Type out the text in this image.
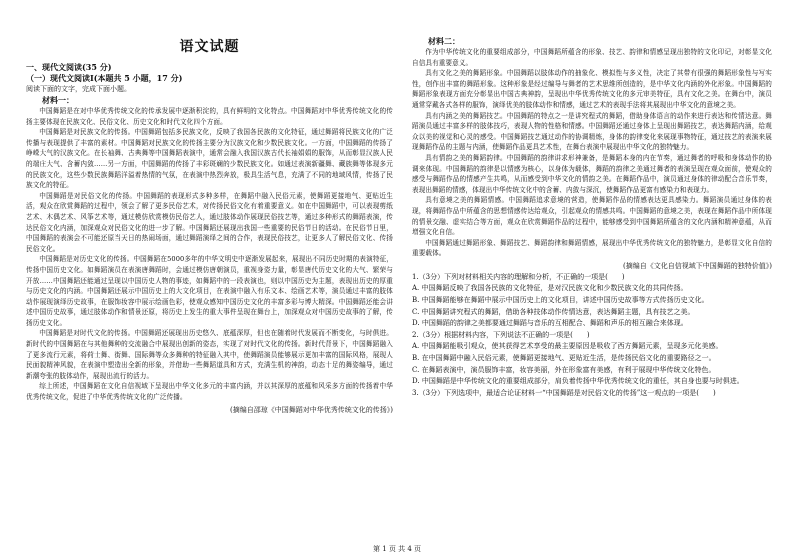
语文试题

一、现代文阅读(35 分)

（一）现代文阅读Ⅰ(本题共 5 小题，17 分)

阅读下面的文字，完成下面小题。

材料一：

中国舞蹈是在对中华优秀传统文化的传承发展中逐渐积淀的，具有鲜明的文化特点。中国舞蹈对中华优秀传统文化的传扬主要体现在民族文化、民俗文化、历史文化和时代文化四个方面。

中国舞蹈是对民族文化的传扬。中国舞蹈包括多民族文化，反映了我国各民族的文化特征，通过舞蹈将民族文化的广泛传播与表现提供了丰富的素材。中国舞蹈对民族文化的传扬主要分为汉族文化和少数民族文化。一方面，中国舞蹈的传扬了峥嵘大气的汉族文化。在长袖舞、古典舞等中国舞蹈表演中，通常会融入我国汉族古代长袖娟娟的服饰，从而彰显汉族人民的端庄大气、含蓄内敛……另一方面，中国舞蹈的传扬了丰彩斑斓的少数民族文化。如通过表演新疆舞、藏族舞等体现多元的民族文化，这些少数民族舞蹈洋溢着热情的气氛，在表演中热烈奔放，极具生活气息，充满了不同的地域风情，传扬了民族文化的特征。

中国舞蹈是对民俗文化的传扬。中国舞蹈的表现形式多种多样，在舞蹈中融入民俗元素，使舞蹈更接地气、更贴近生活，观众在欣赏舞蹈的过程中，领会了解了更多民俗艺术，对传扬民俗文化有着重要意义。如在中国舞蹈中，可以表现剪纸艺术、木偶艺术、风筝艺术等，通过模仿欣赏模仿民俗艺人，通过肢体动作展现民俗技艺等，通过多种形式的舞蹈表演，传达民俗文化内涵，加深观众对民俗文化的进一步了解。中国舞蹈还展现出我国一些重要的民俗节日的活动。在民俗节日里，中国舞蹈的表演会不可能还原当天日的热闹场面，通过舞蹈演绎之间的合作，表现民俗技艺，让更多人了解民俗文化、传扬民俗文化。

中国舞蹈是对历史文化的传扬。中国舞蹈在5000多年的中华文明史中逐渐发展起来，展现出不同历史时期的表演特征，传扬中国历史文化。如舞蹈演员在表演唐舞蹈时，会通过模仿唐朝演员，重视身姿力量，彰显唐代历史文化的大气、繁荣与开放……中国舞蹈还能通过呈现以中国历史人物的事迹，如舞蹈中的一段表演也，则以中国历史为主题，表现出历史的厚重与历史文化的内涵。中国舞蹈还展示中国历史上的大文化项目，在表演中融入有乐文本、绘画艺术等，演员通过丰富的肢体动作展现演绎历史故事，在服饰妆容中展示绘画色彩，使观众感知中国历史文化的丰富多彩与博大精深。中国舞蹈还能会讲述中国历史故事，通过肢体动作和情景还原，将历史上发生的重大事件呈现在舞台上，加深观众对中国历史故事的了解，传扬历史文化。

中国舞蹈是对时代文化的传扬。中国舞蹈还展现出历史悠久、底蕴深厚，但也在随着时代发展而不断变化，与时俱进。新时代的中国舞蹈在与其他舞种的交流融合中展现出创新的姿态，实现了对时代文化的传扬。新时代背景下，中国舞蹈融入了更多流行元素，将荷士舞、街舞、国际舞等众多舞种的特征融入其中，使舞蹈演员能够展示更加丰富的国际风格，展现人民面貌精神风貌，在表演中塑造出全新的形象，并借助一些舞蹈道具和方式，充满生机的神韵，动态十足的舞姿编导，通过新潮夸张的肢体动作，展现出流行的活力。

综上所述，中国舞蹈在文化自信视域下呈现出中华文化多元的丰富内涵，并以其深厚的底蕴和风采多方面的传扬着中华优秀传统文化，促进了中华优秀传统文化的广泛传播。

(摘编自邵琼《中国舞蹈对中华优秀传统文化的传扬》)

材料二：

作为中华传统文化的重要组成部分，中国舞蹈所蕴含的形象、技艺、韵律和情感呈现出独特的文化印记，对彰显文化自信具有重要意义。

具有文化之美的舞蹈形象。中国舞蹈以肢体动作的抽象化、模拟性与多义性，决定了其带有很强的舞蹈形象性与写实性，创作出丰富的舞蹈形象。这种形象是经过编导与舞者的艺术思维所创造的，是中华文化内涵的外化形象。中国舞蹈的舞蹈形象表现方面充分彰显出中国古典神韵，呈现出中华优秀传统文化的多元审美特征，具有文化之美。在舞台中，演员通常穿戴各式各样的服饰，演绎优美的肢体动作和情感，通过艺术的表现手法将其展现出中华文化的意境之美。

具有内涵之美的舞蹈技艺。中国舞蹈的特点之一是讲究程式的舞蹈，借助身体语言的动作来进行表达和传情达意。舞蹈演员通过丰富多样的肢体技巧，表现人物的性格和情感。中国舞蹈还通过身体上呈现出舞蹈技艺，表达舞蹈内涵，给观众以美的视觉和心灵的感受。中国舞蹈技艺通过动作的协调精炼，身体的韵律变化来展现事物特征，通过技艺的表演来展现舞蹈作品的主题与内涵，使舞蹈作品更具艺术性，在舞台表演中展现出中华文化的独特魅力。

具有情韵之美的舞蹈韵律。中国舞蹈的韵律讲求形神兼备，是舞蹈本身的内在节奏，通过舞者的呼吸和身体动作的协调来体现。中国舞蹈的韵律是以情感为核心，以身体为载体，舞蹈的韵律之美通过舞者的表演呈现在观众面前，使观众的感受与舞蹈作品的情感产生共鸣，从而感受到中华文化的情韵之美。在舞蹈作品中，演员通过身体的律动配合音乐节奏，表现出舞蹈的情感，体现出中华传统文化中的含蓄、内敛与深沉，使舞蹈作品更富有感染力和表现力。

具有意境之美的舞蹈情感。中国舞蹈追求意境的营造，使舞蹈作品的情感表达更具感染力。舞蹈演员通过身体的表现，将舞蹈作品中所蕴含的思想情感传达给观众，引起观众的情感共鸣。中国舞蹈的意境之美，表现在舞蹈作品中所体现的情景交融、虚实结合等方面，观众在欣赏舞蹈作品的过程中，能够感受到中国舞蹈所蕴含的文化内涵和精神意蕴，从而增强文化自信。

中国舞蹈通过舞蹈形象、舞蹈技艺、舞蹈韵律和舞蹈情感，展现出中华优秀传统文化的独特魅力，是彰显文化自信的重要载体。

(摘编自《文化自信视域下中国舞蹈的独特价值》)

1.（3分）下列对材料相关内容的理解和分析，不正确的一项是(　　)

A. 中国舞蹈反映了我国各民族的文化特征，是对汉民族文化和少数民族文化的共同传扬。

B. 中国舞蹈能够在舞蹈中展示中国历史上的文化项目，讲述中国历史故事等方式传扬历史文化。

C. 中国舞蹈讲究程式的舞蹈，借助各种技体动作传情达意，表达舞蹈主题，具有技艺之美。

D. 中国舞蹈的韵律之美都要通过舞蹈与音乐的互相配合、舞蹈和声乐的相互融合来体现。

2.（3分）根据材料内容，下列说法不正确的一项是(　　)

A. 中国舞蹈能吸引观众，使其获得艺术享受的最主要原因是吸收了西方舞蹈元素，呈现多元化美感。

B. 在中国舞蹈中融入民俗元素，使舞蹈更接地气、更贴近生活，是传扬民俗文化的重要路径之一。

C. 在舞蹈表演中，演员服饰丰富，妆容美丽，外在形象富有美感，有利于展现中华传统文化特色。

D. 中国舞蹈是中华传统文化的重要组成部分，肩负着传扬中华优秀传统文化的重任，其自身也要与时俱进。

3.（3分）下列选项中，最适合论证材料一“中国舞蹈是对民俗文化的传扬”这一观点的一项是(　　)

第 1 页 共 4 页
